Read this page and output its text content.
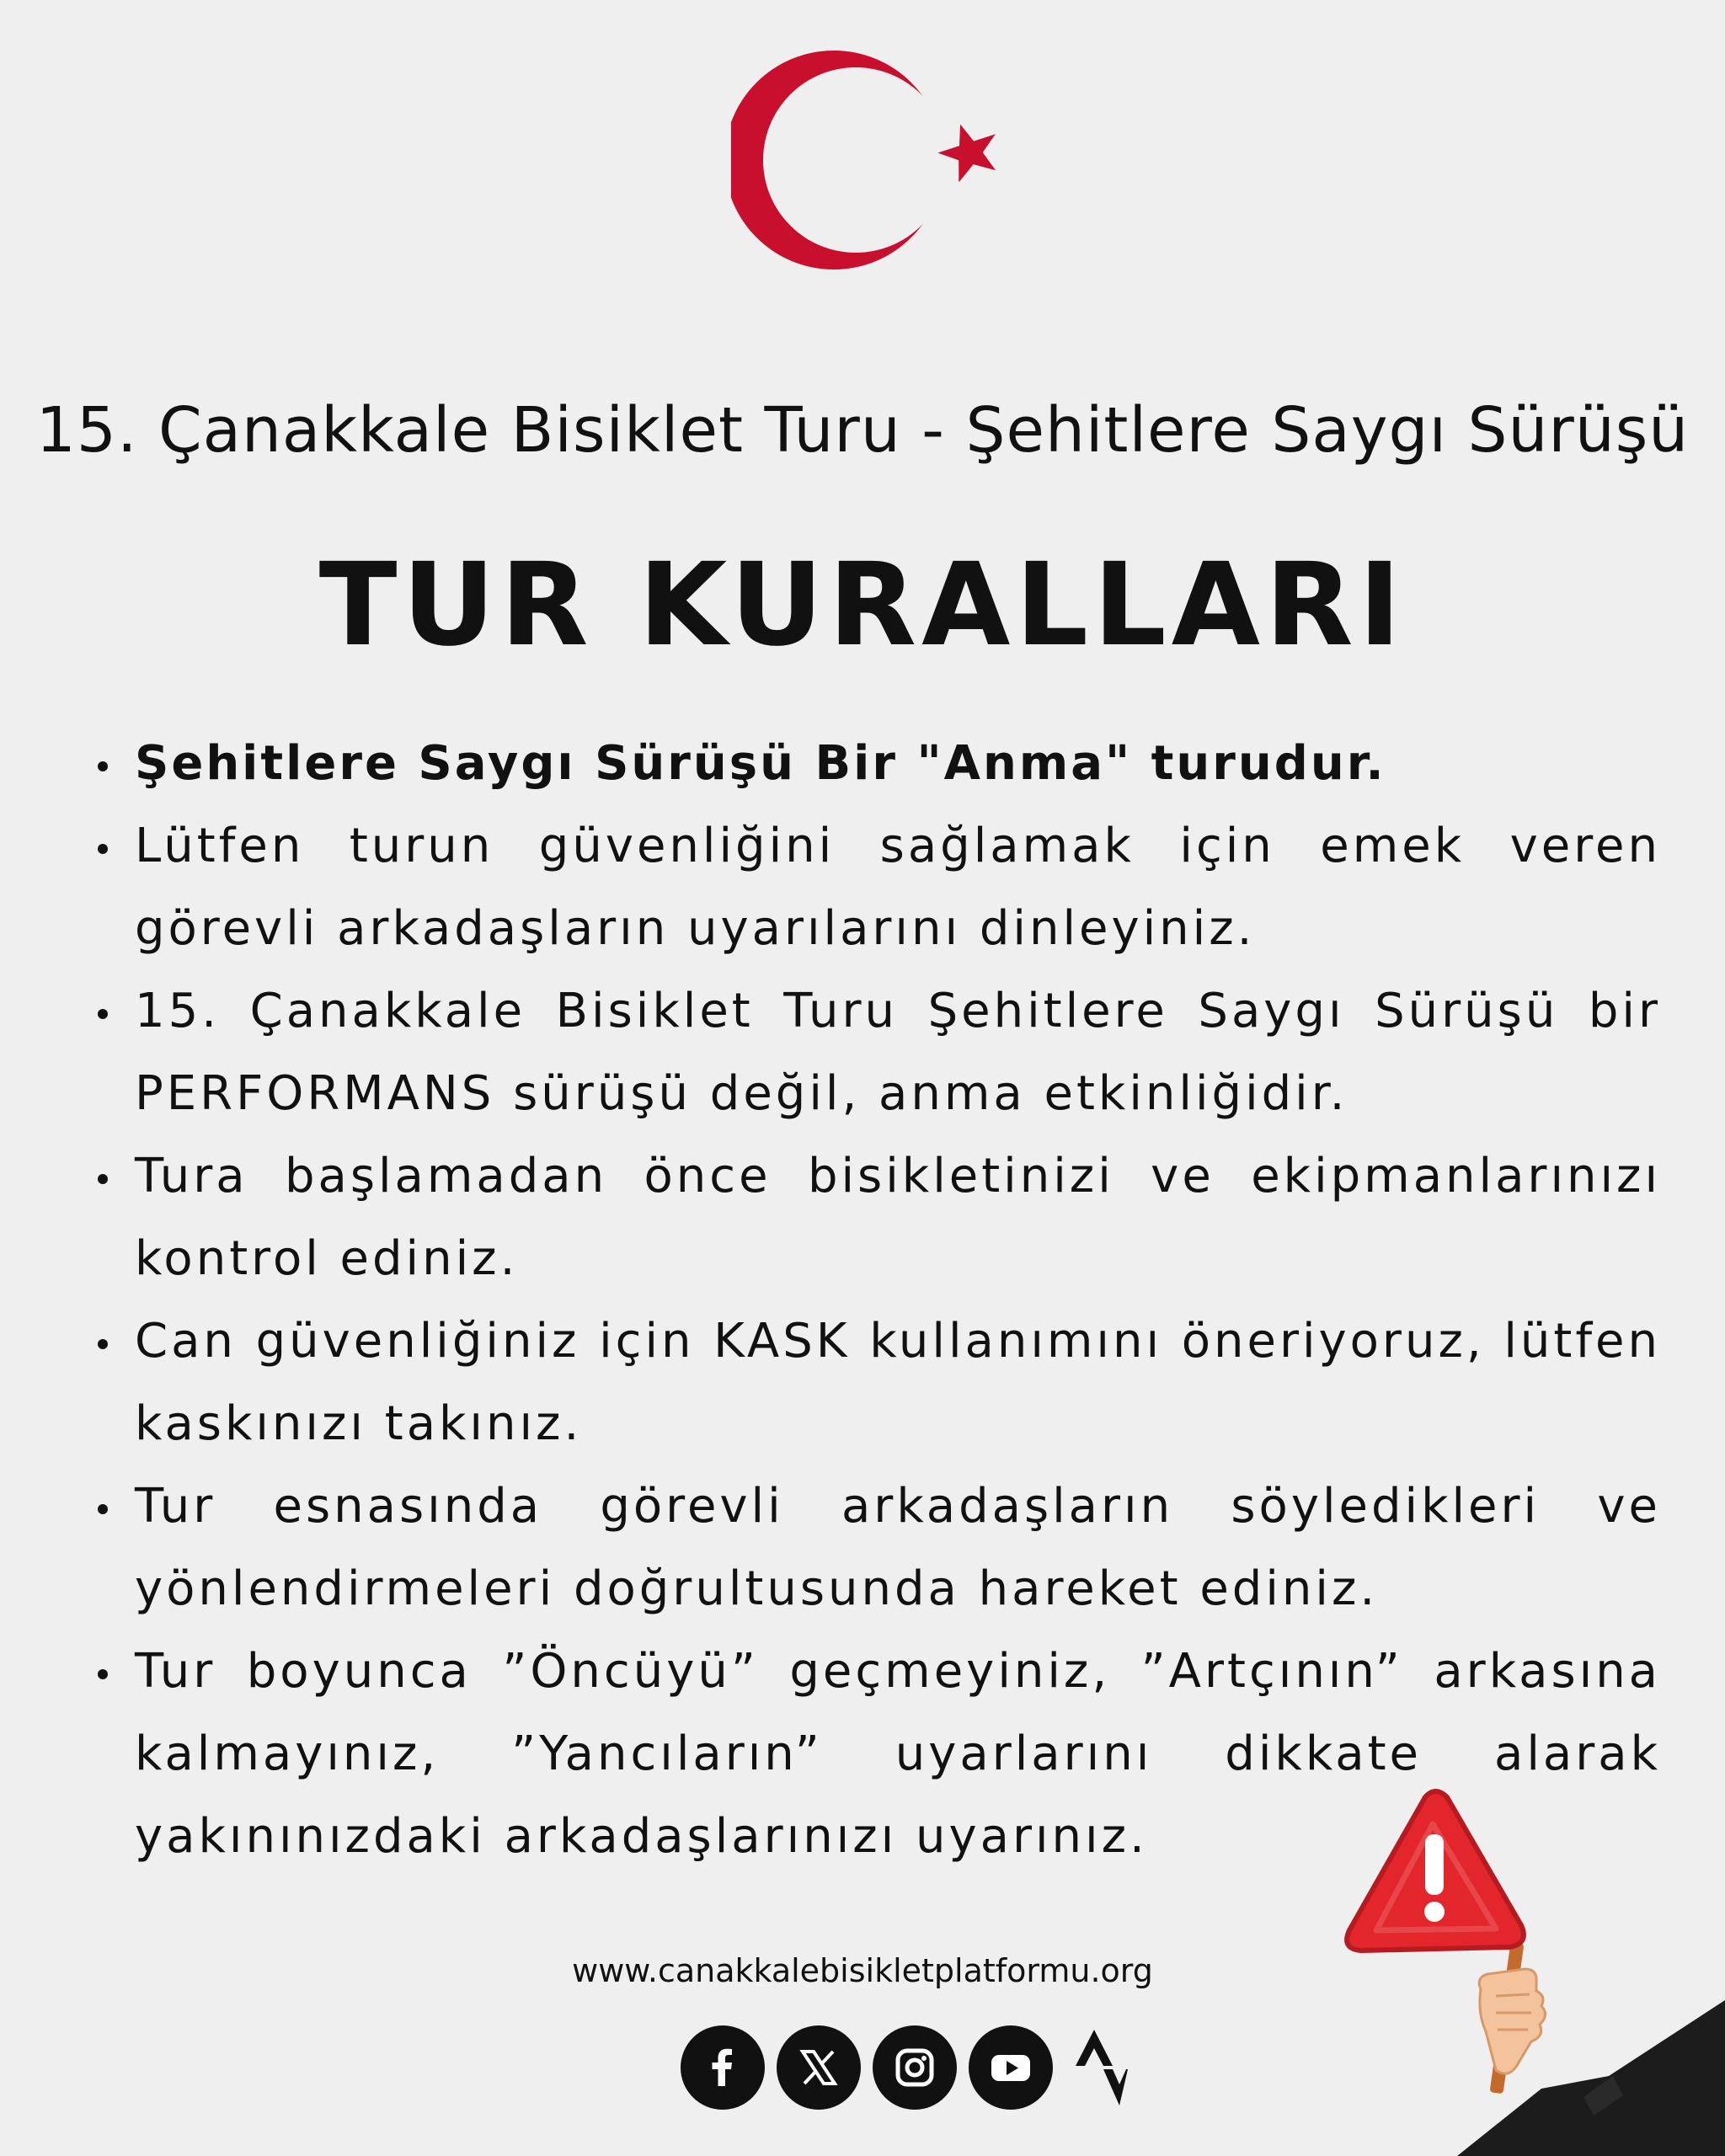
15. Çanakkale Bisiklet Turu - Şehitlere Saygı Sürüşü
TUR KURALLARI
Şehitlere Saygı Sürüşü Bir "Anma" turudur.
Lütfen turun güvenliğini sağlamak için emek veren görevli arkadaşların uyarılarını dinleyiniz.
15. Çanakkale Bisiklet Turu Şehitlere Saygı Sürüşü bir PERFORMANS sürüşü değil, anma etkinliğidir.
Tura başlamadan önce bisikletinizi ve ekipmanlarınızı kontrol ediniz.
Can güvenliğiniz için KASK kullanımını öneriyoruz, lütfen kaskınızı takınız.
Tur esnasında görevli arkadaşların söyledikleri ve yönlendirmeleri doğrultusunda hareket ediniz.
Tur boyunca ”Öncüyü” geçmeyiniz, ”Artçının” arkasına kalmayınız, ”Yancıların” uyarlarını dikkate alarak yakınınızdaki arkadaşlarınızı uyarınız.
www.canakkalebisikletplatformu.org
